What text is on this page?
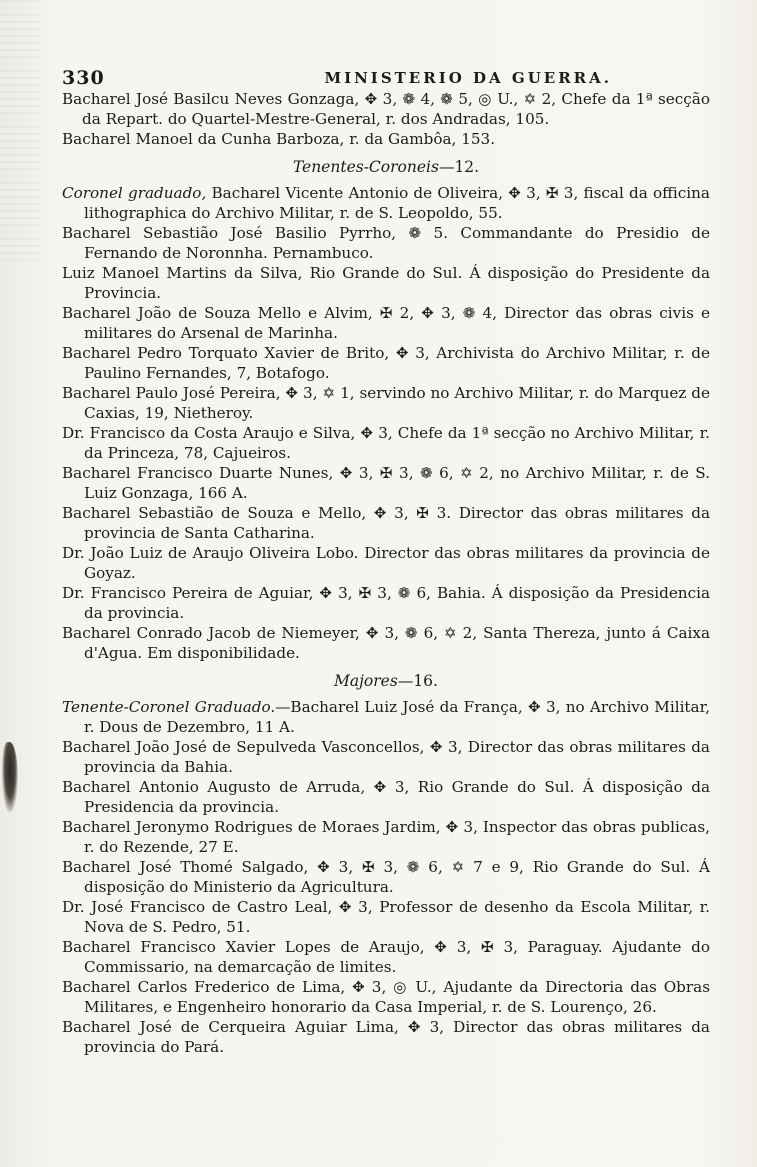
330	MINISTERIO DA GUERRA.

Bacharel José Basilcu Neves Gonzaga, ✥ 3, ❁ 4, ❁ 5, ◎ U., ✡ 2, Chefe da 1ª secção da Repart. do Quartel-Mestre-General, r. dos Andradas, 105.

Bacharel Manoel da Cunha Barboza, r. da Gambôa, 153.

Tenentes-Coroneis—12.

Coronel graduado, Bacharel Vicente Antonio de Oliveira, ✥ 3, ✠ 3, fiscal da officina lithographica do Archivo Militar, r. de S. Leopoldo, 55.

Bacharel Sebastião José Basilio Pyrrho, ❁ 5. Commandante do Presidio de Fernando de Noronnha. Pernambuco.

Luiz Manoel Martins da Silva, Rio Grande do Sul. Á disposição do Presidente da Provincia.

Bacharel João de Souza Mello e Alvim, ✠ 2, ✥ 3, ❁ 4, Director das obras civis e militares do Arsenal de Marinha.

Bacharel Pedro Torquato Xavier de Brito, ✥ 3, Archivista do Archivo Militar, r. de Paulino Fernandes, 7, Botafogo.

Bacharel Paulo José Pereira, ✥ 3, ✡ 1, servindo no Archivo Militar, r. do Marquez de Caxias, 19, Nietheroy.

Dr. Francisco da Costa Araujo e Silva, ✥ 3, Chefe da 1ª secção no Archivo Militar, r. da Princeza, 78, Cajueiros.

Bacharel Francisco Duarte Nunes, ✥ 3, ✠ 3, ❁ 6, ✡ 2, no Archivo Militar, r. de S. Luiz Gonzaga, 166 A.

Bacharel Sebastião de Souza e Mello, ✥ 3, ✠ 3. Director das obras militares da provincia de Santa Catharina.

Dr. João Luiz de Araujo Oliveira Lobo. Director das obras militares da provincia de Goyaz.

Dr. Francisco Pereira de Aguiar, ✥ 3, ✠ 3, ❁ 6, Bahia. Á disposição da Presidencia da provincia.

Bacharel Conrado Jacob de Niemeyer, ✥ 3, ❁ 6, ✡ 2, Santa Thereza, junto á Caixa d'Agua. Em disponibilidade.

Majores—16.

Tenente-Coronel Graduado.—Bacharel Luiz José da França, ✥ 3, no Archivo Militar, r. Dous de Dezembro, 11 A.

Bacharel João José de Sepulveda Vasconcellos, ✥ 3, Director das obras militares da provincia da Bahia.

Bacharel Antonio Augusto de Arruda, ✥ 3, Rio Grande do Sul. Á disposição da Presidencia da provincia.

Bacharel Jeronymo Rodrigues de Moraes Jardim, ✥ 3, Inspector das obras publicas, r. do Rezende, 27 E.

Bacharel José Thomé Salgado, ✥ 3, ✠ 3, ❁ 6, ✡ 7 e 9, Rio Grande do Sul. Á disposição do Ministerio da Agricultura.

Dr. José Francisco de Castro Leal, ✥ 3, Professor de desenho da Escola Militar, r. Nova de S. Pedro, 51.

Bacharel Francisco Xavier Lopes de Araujo, ✥ 3, ✠ 3, Paraguay. Ajudante do Commissario, na demarcação de limites.

Bacharel Carlos Frederico de Lima, ✥ 3, ◎ U., Ajudante da Directoria das Obras Militares, e Engenheiro honorario da Casa Imperial, r. de S. Lourenço, 26.

Bacharel José de Cerqueira Aguiar Lima, ✥ 3, Director das obras militares da provincia do Pará.
